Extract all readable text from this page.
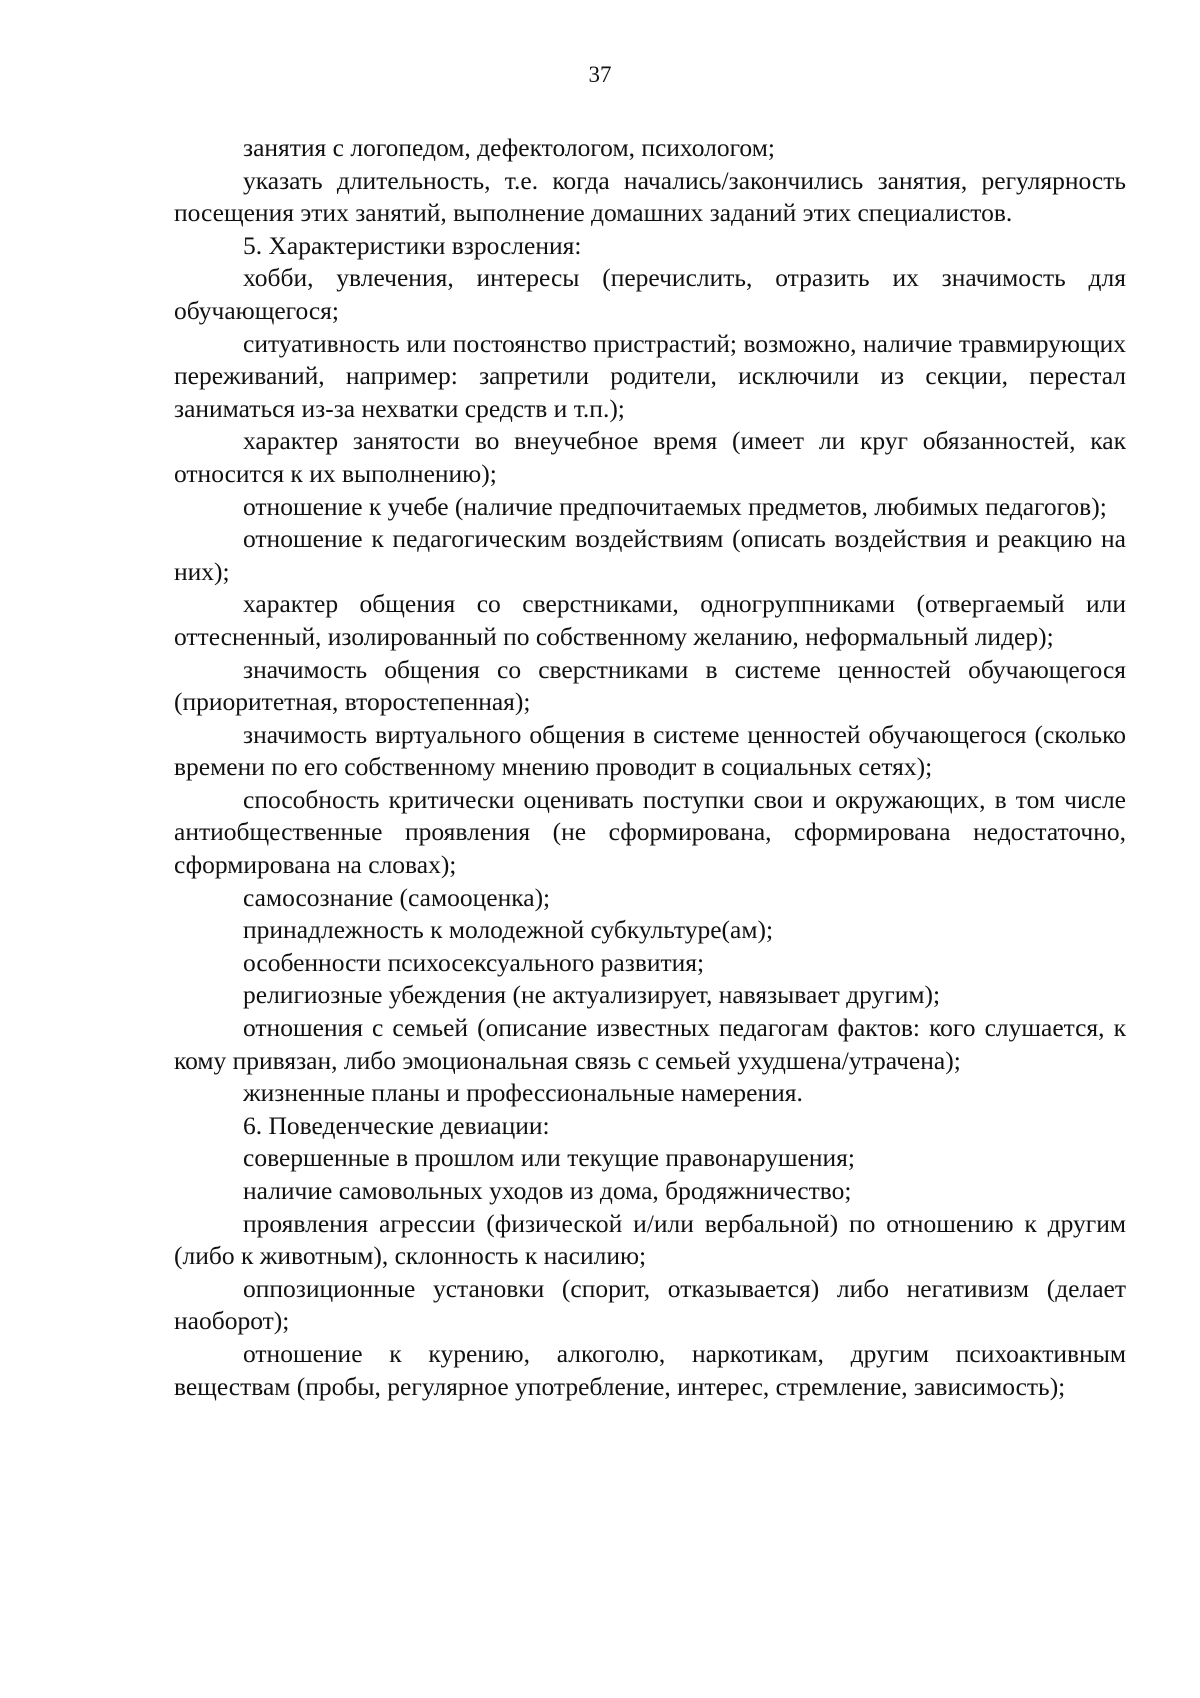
37

занятия с логопедом, дефектологом, психологом;

указать длительность, т.е. когда начались/закончились занятия, регулярность посещения этих занятий, выполнение домашних заданий этих специалистов.

5. Характеристики взросления:

хобби, увлечения, интересы (перечислить, отразить их значимость для обучающегося;

ситуативность или постоянство пристрастий; возможно, наличие травмирующих переживаний, например: запретили родители, исключили из секции, перестал заниматься из-за нехватки средств и т.п.);

характер занятости во внеучебное время (имеет ли круг обязанностей, как относится к их выполнению);

отношение к учебе (наличие предпочитаемых предметов, любимых педагогов);

отношение к педагогическим воздействиям (описать воздействия и реакцию на них);

характер общения со сверстниками, одногруппниками (отвергаемый или оттесненный, изолированный по собственному желанию, неформальный лидер);

значимость общения со сверстниками в системе ценностей обучающегося (приоритетная, второстепенная);

значимость виртуального общения в системе ценностей обучающегося (сколько времени по его собственному мнению проводит в социальных сетях);

способность критически оценивать поступки свои и окружающих, в том числе антиобщественные проявления (не сформирована, сформирована недостаточно, сформирована на словах);

самосознание (самооценка);

принадлежность к молодежной субкультуре(ам);

особенности психосексуального развития;

религиозные убеждения (не актуализирует, навязывает другим);

отношения с семьей (описание известных педагогам фактов: кого слушается, к кому привязан, либо эмоциональная связь с семьей ухудшена/утрачена);

жизненные планы и профессиональные намерения.

6. Поведенческие девиации:

совершенные в прошлом или текущие правонарушения;

наличие самовольных уходов из дома, бродяжничество;

проявления агрессии (физической и/или вербальной) по отношению к другим (либо к животным), склонность к насилию;

оппозиционные установки (спорит, отказывается) либо негативизм (делает наоборот);

отношение к курению, алкоголю, наркотикам, другим психоактивным веществам (пробы, регулярное употребление, интерес, стремление, зависимость);
